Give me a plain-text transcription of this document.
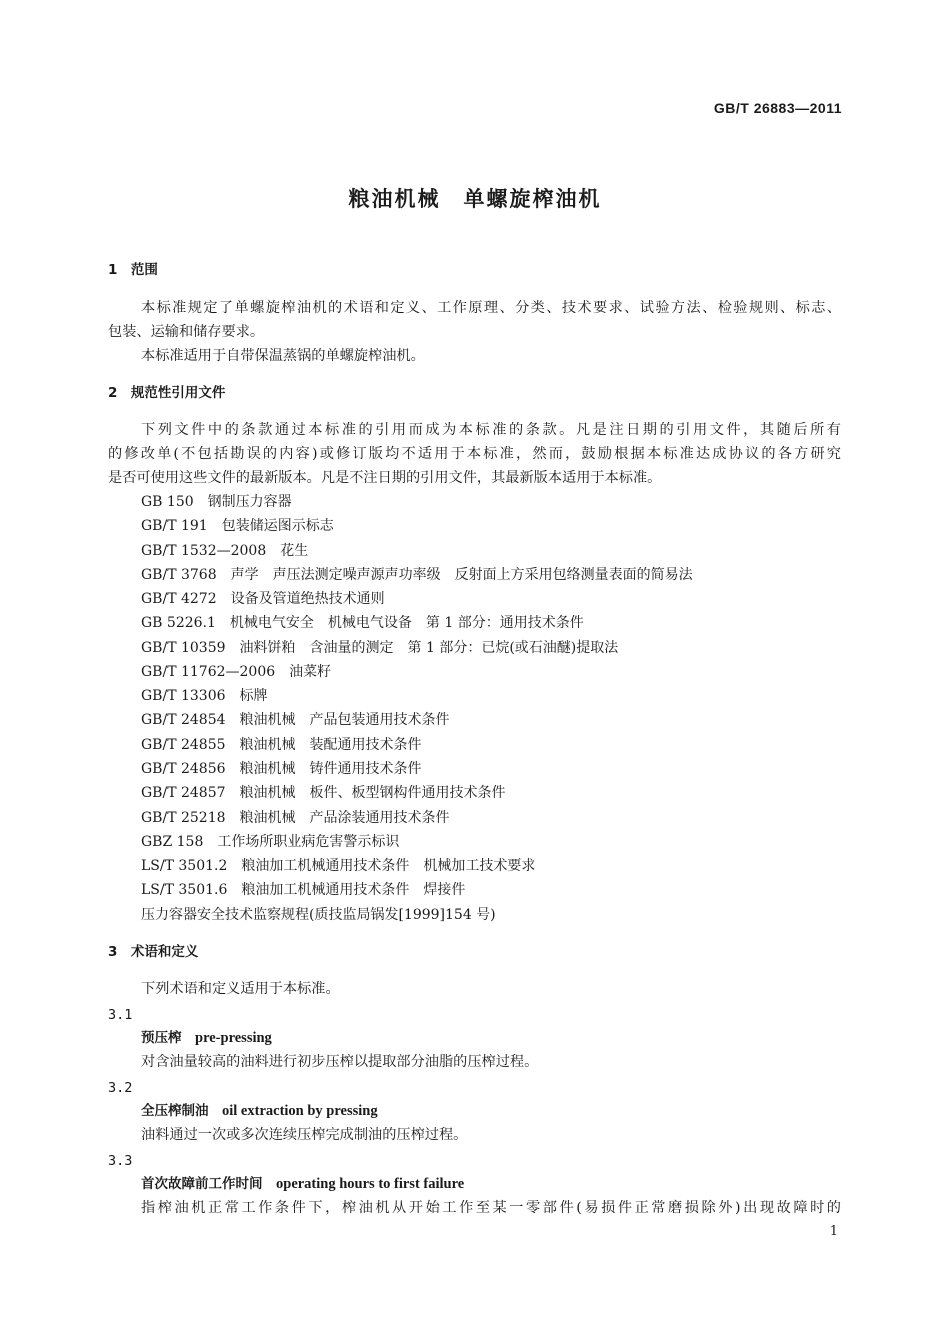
GB/T 26883—2011
粮油机械　单螺旋榨油机
1　范围
本标准规定了单螺旋榨油机的术语和定义、工作原理、分类、技术要求、试验方法、检验规则、标志、
包装、运输和储存要求。
本标准适用于自带保温蒸锅的单螺旋榨油机。
2　规范性引用文件
下列文件中的条款通过本标准的引用而成为本标准的条款。凡是注日期的引用文件，其随后所有
的修改单(不包括勘误的内容)或修订版均不适用于本标准，然而，鼓励根据本标准达成协议的各方研究
是否可使用这些文件的最新版本。凡是不注日期的引用文件，其最新版本适用于本标准。
GB 150　钢制压力容器
GB/T 191　包装储运图示标志
GB/T 1532—2008　花生
GB/T 3768　声学　声压法测定噪声源声功率级　反射面上方采用包络测量表面的简易法
GB/T 4272　设备及管道绝热技术通则
GB 5226.1　机械电气安全　机械电气设备　第 1 部分：通用技术条件
GB/T 10359　油料饼粕　含油量的测定　第 1 部分：已烷(或石油醚)提取法
GB/T 11762—2006　油菜籽
GB/T 13306　标牌
GB/T 24854　粮油机械　产品包装通用技术条件
GB/T 24855　粮油机械　装配通用技术条件
GB/T 24856　粮油机械　铸件通用技术条件
GB/T 24857　粮油机械　板件、板型钢构件通用技术条件
GB/T 25218　粮油机械　产品涂装通用技术条件
GBZ 158　工作场所职业病危害警示标识
LS/T 3501.2　粮油加工机械通用技术条件　机械加工技术要求
LS/T 3501.6　粮油加工机械通用技术条件　焊接件
压力容器安全技术监察规程(质技监局锅发[1999]154 号)
3　术语和定义
下列术语和定义适用于本标准。
3.1
预压榨　 pre-pressing
对含油量较高的油料进行初步压榨以提取部分油脂的压榨过程。
3.2
全压榨制油　 oil extraction by pressing
油料通过一次或多次连续压榨完成制油的压榨过程。
3.3
首次故障前工作时间　 operating hours to first failure
指榨油机正常工作条件下，榨油机从开始工作至某一零部件(易损件正常磨损除外)出现故障时的
1
